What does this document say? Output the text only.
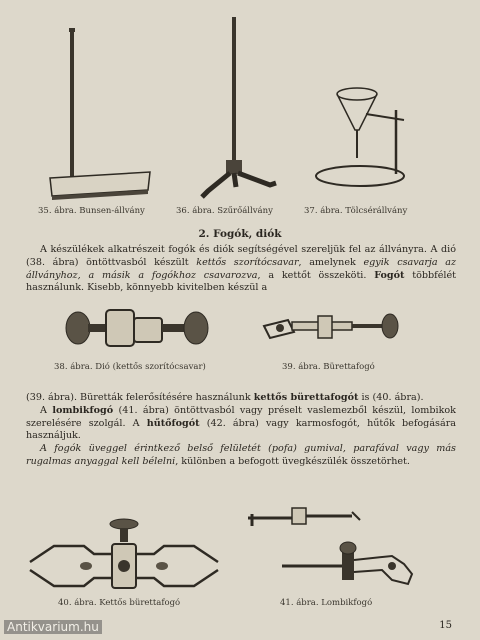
35. ábra. Bunsen-állvány	36. ábra. Szűrőállvány	37. ábra. Tölcsérállvány
2. Fogók, diók

A készülékek alkatrészeit fogók és diók segítségével szereljük fel az állványra. A dió (38. ábra) öntöttvasból készült kettős szorítócsavar, amelynek egyik csavarja az állványhoz, a másik a fogókhoz csavarozva, a kettőt összeköti. Fogót többfélét használunk. Kisebb, könnyebb kivitelben készül a

38. ábra. Dió (kettős szorítócsavar)	39. ábra. Bürettafogó

(39. ábra). Büretták felerősítésére használunk kettős bürettafogót is (40. ábra).

A lombikfogó (41. ábra) öntöttvasból vagy préselt vaslemezből készül, lombikok szerelésére szolgál. A hűtőfogót (42. ábra) vagy karmosfogót, hűtők befogására használjuk.

A fogók üveggel érintkező belső felületét (pofa) gumival, parafával vagy más rugalmas anyaggal kell bélelni, különben a befogott üvegkészülék összetörhet.

40. ábra. Kettős bürettafogó	41. ábra. Lombikfogó
15
Antikvarium.hu
